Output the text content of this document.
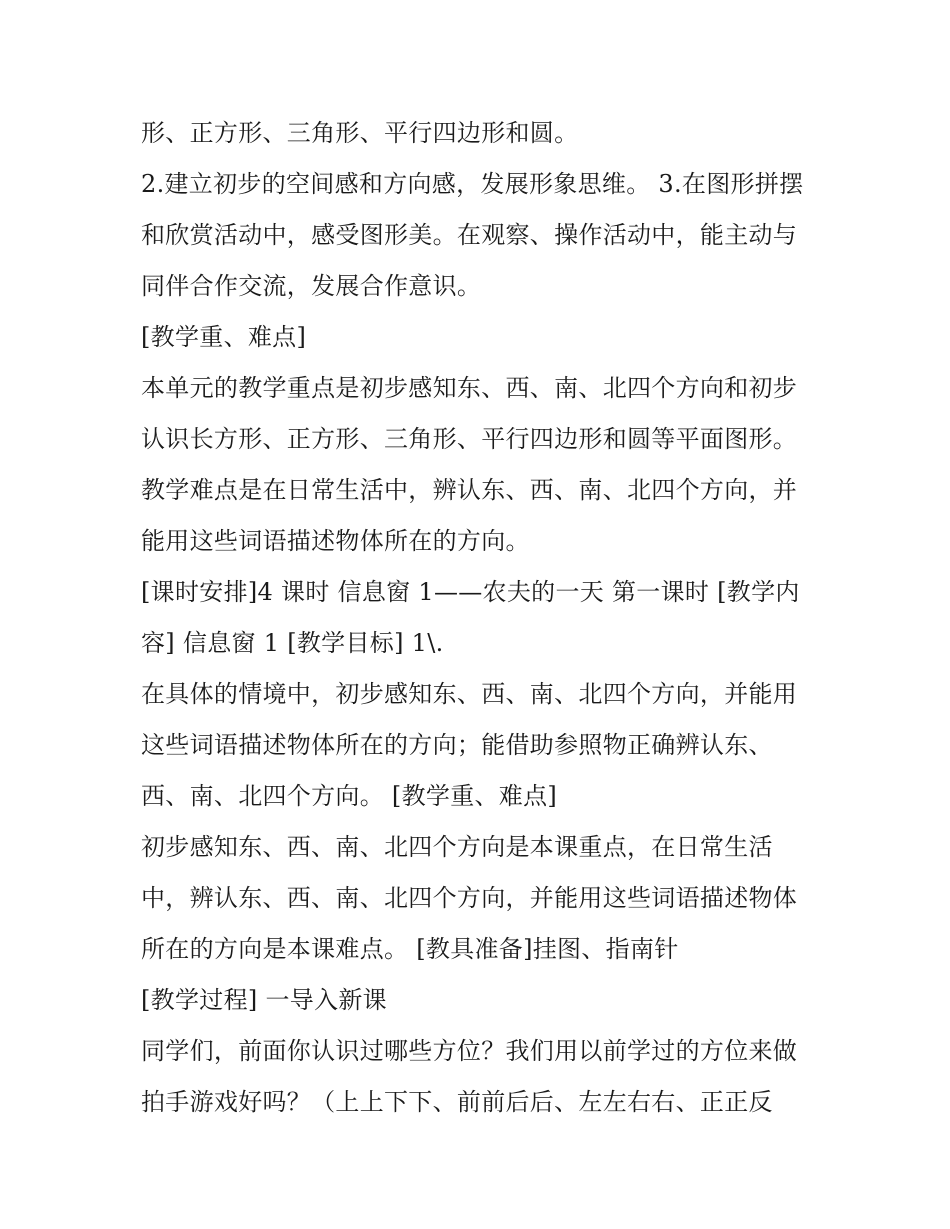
形、正方形、三角形、平行四边形和圆。
2.建立初步的空间感和方向感，发展形象思维。 3.在图形拼摆
和欣赏活动中，感受图形美。在观察、操作活动中，能主动与
同伴合作交流，发展合作意识。
[教学重、难点]
本单元的教学重点是初步感知东、西、南、北四个方向和初步
认识长方形、正方形、三角形、平行四边形和圆等平面图形。
教学难点是在日常生活中，辨认东、西、南、北四个方向，并
能用这些词语描述物体所在的方向。
[课时安排]4 课时 信息窗 1——农夫的一天 第一课时 [教学内
容] 信息窗 1 [教学目标] 1\.
在具体的情境中，初步感知东、西、南、北四个方向，并能用
这些词语描述物体所在的方向；能借助参照物正确辨认东、
西、南、北四个方向。 [教学重、难点]
初步感知东、西、南、北四个方向是本课重点，在日常生活
中，辨认东、西、南、北四个方向，并能用这些词语描述物体
所在的方向是本课难点。 [教具准备]挂图、指南针
[教学过程] 一导入新课
同学们，前面你认识过哪些方位？我们用以前学过的方位来做
拍手游戏好吗？（上上下下、前前后后、左左右右、正正反
